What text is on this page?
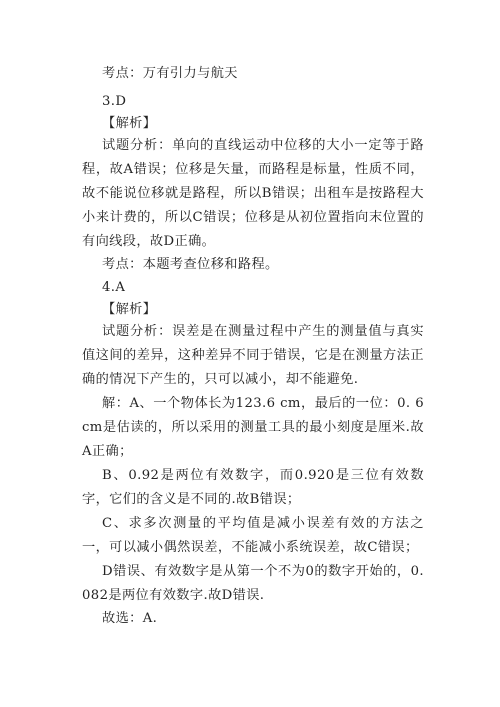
考点：万有引力与航天

3.D

【解析】

试题分析：单向的直线运动中位移的大小一定等于路程，故A错误；位移是矢量，而路程是标量，性质不同，故不能说位移就是路程，所以B错误；出租车是按路程大小来计费的，所以C错误；位移是从初位置指向末位置的有向线段，故D正确。

考点：本题考查位移和路程。

4.A

【解析】

试题分析：误差是在测量过程中产生的测量值与真实值这间的差异，这种差异不同于错误，它是在测量方法正确的情况下产生的，只可以减小，却不能避免.

解：A、一个物体长为123.6 cm，最后的一位：0. 6cm是估读的，所以采用的测量工具的最小刻度是厘米.故A正确；

B、0.92是两位有效数字，而0.920是三位有效数字，它们的含义是不同的.故B错误；

C、求多次测量的平均值是减小误差有效的方法之一，可以减小偶然误差，不能减小系统误差，故C错误；

D错误、有效数字是从第一个不为0的数字开始的，0.082是两位有效数字.故D错误.

故选：A.
